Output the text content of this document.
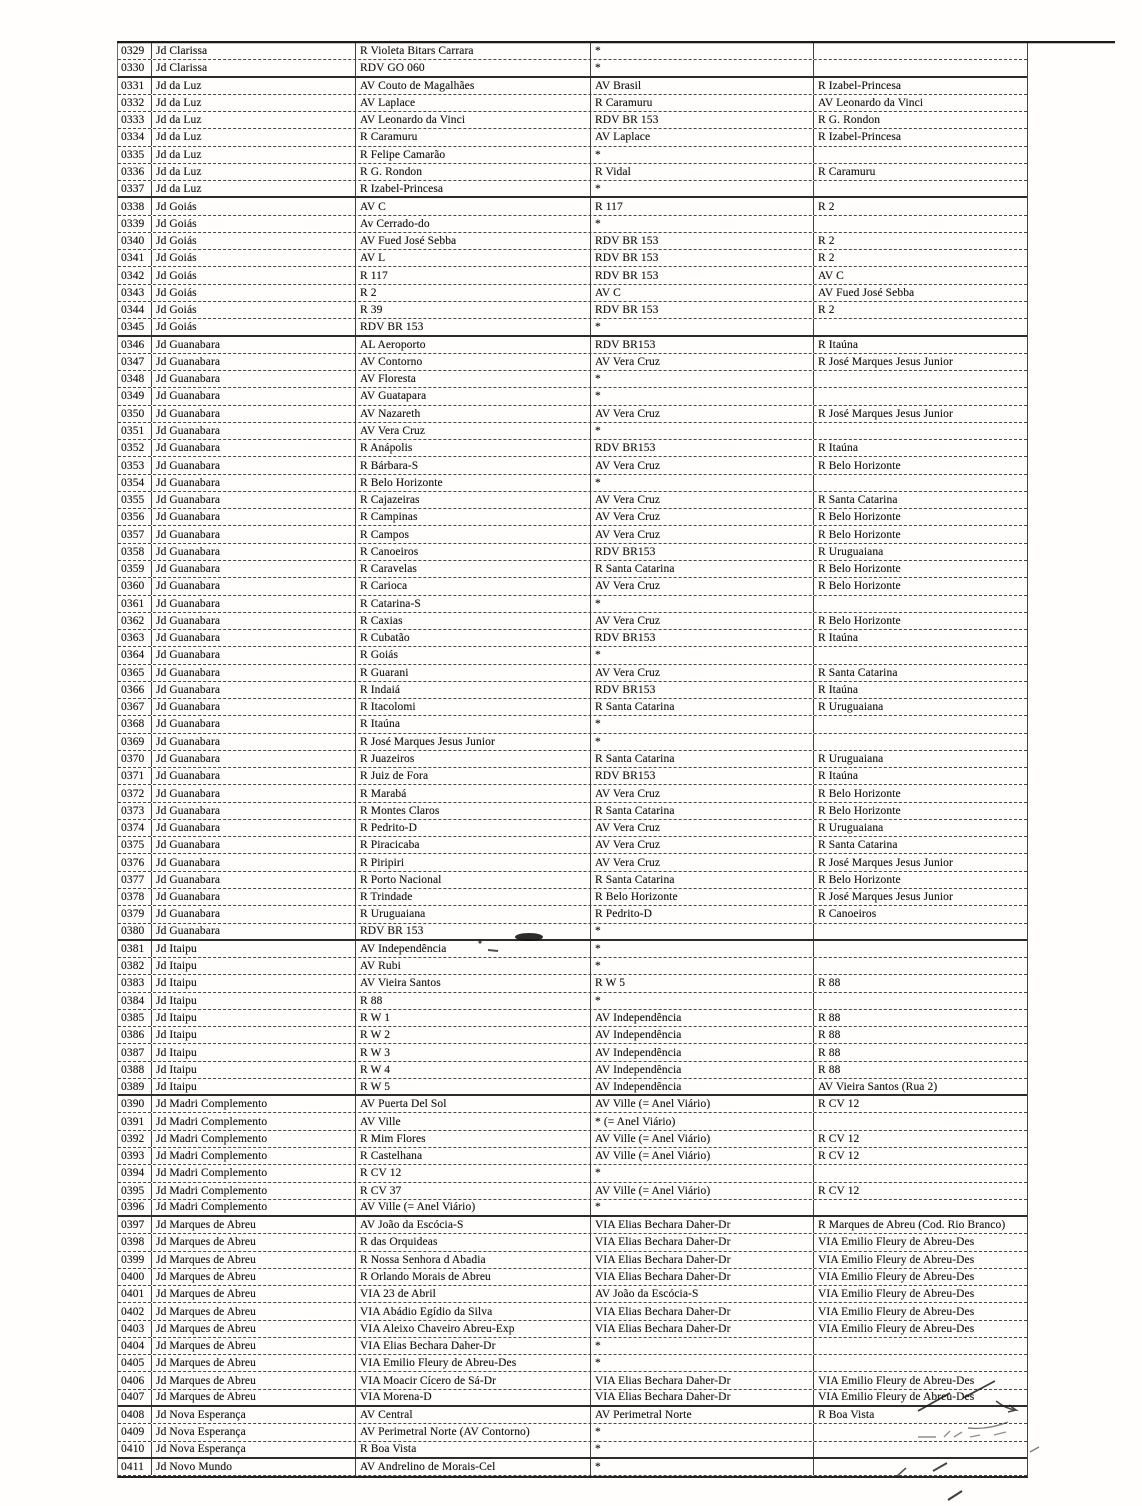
0329	Jd Clarissa	R Violeta Bitars Carrara	*
0330	Jd Clarissa	RDV GO 060	*
0331	Jd da Luz	AV Couto de Magalhães	AV Brasil	R Izabel-Princesa
0332	Jd da Luz	AV Laplace	R Caramuru	AV Leonardo da Vinci
0333	Jd da Luz	AV Leonardo da Vinci	RDV BR 153	R G. Rondon
0334	Jd da Luz	R Caramuru	AV Laplace	R Izabel-Princesa
0335	Jd da Luz	R Felipe Camarão	*
0336	Jd da Luz	R G. Rondon	R Vidal	R Caramuru
0337	Jd da Luz	R Izabel-Princesa	*
0338	Jd Goiás	AV C	R 117	R 2
0339	Jd Goiás	Av Cerrado-do	*
0340	Jd Goiás	AV Fued José Sebba	RDV BR 153	R 2
0341	Jd Goiás	AV L	RDV BR 153	R 2
0342	Jd Goiás	R 117	RDV BR 153	AV C
0343	Jd Goiás	R 2	AV C	AV Fued José Sebba
0344	Jd Goiás	R 39	RDV BR 153	R 2
0345	Jd Goiás	RDV BR 153	*
0346	Jd Guanabara	AL Aeroporto	RDV BR153	R Itaúna
0347	Jd Guanabara	AV Contorno	AV Vera Cruz	R José Marques Jesus Junior
0348	Jd Guanabara	AV Floresta	*
0349	Jd Guanabara	AV Guatapara	*
0350	Jd Guanabara	AV Nazareth	AV Vera Cruz	R José Marques Jesus Junior
0351	Jd Guanabara	AV Vera Cruz	*
0352	Jd Guanabara	R Anápolis	RDV BR153	R Itaúna
0353	Jd Guanabara	R Bárbara-S	AV Vera Cruz	R Belo Horizonte
0354	Jd Guanabara	R Belo Horizonte	*
0355	Jd Guanabara	R Cajazeiras	AV Vera Cruz	R Santa Catarina
0356	Jd Guanabara	R Campinas	AV Vera Cruz	R Belo Horizonte
0357	Jd Guanabara	R Campos	AV Vera Cruz	R Belo Horizonte
0358	Jd Guanabara	R Canoeiros	RDV BR153	R Uruguaiana
0359	Jd Guanabara	R Caravelas	R Santa Catarina	R Belo Horizonte
0360	Jd Guanabara	R Carioca	AV Vera Cruz	R Belo Horizonte
0361	Jd Guanabara	R Catarina-S	*
0362	Jd Guanabara	R Caxias	AV Vera Cruz	R Belo Horizonte
0363	Jd Guanabara	R Cubatão	RDV BR153	R Itaúna
0364	Jd Guanabara	R Goiás	*
0365	Jd Guanabara	R Guarani	AV Vera Cruz	R Santa Catarina
0366	Jd Guanabara	R Indaiá	RDV BR153	R Itaúna
0367	Jd Guanabara	R Itacolomi	R Santa Catarina	R Uruguaiana
0368	Jd Guanabara	R Itaúna	*
0369	Jd Guanabara	R José Marques Jesus Junior	*
0370	Jd Guanabara	R Juazeiros	R Santa Catarina	R Uruguaiana
0371	Jd Guanabara	R Juiz de Fora	RDV BR153	R Itaúna
0372	Jd Guanabara	R Marabá	AV Vera Cruz	R Belo Horizonte
0373	Jd Guanabara	R Montes Claros	R Santa Catarina	R Belo Horizonte
0374	Jd Guanabara	R Pedrito-D	AV Vera Cruz	R Uruguaiana
0375	Jd Guanabara	R Piracicaba	AV Vera Cruz	R Santa Catarina
0376	Jd Guanabara	R Piripiri	AV Vera Cruz	R José Marques Jesus Junior
0377	Jd Guanabara	R Porto Nacional	R Santa Catarina	R Belo Horizonte
0378	Jd Guanabara	R Trindade	R Belo Horizonte	R José Marques Jesus Junior
0379	Jd Guanabara	R Uruguaiana	R Pedrito-D	R Canoeiros
0380	Jd Guanabara	RDV BR 153	*
0381	Jd Itaipu	AV Independência	*
0382	Jd Itaipu	AV Rubi	*
0383	Jd Itaipu	AV Vieira Santos	R W 5	R 88
0384	Jd Itaipu	R 88	*
0385	Jd Itaipu	R W 1	AV Independência	R 88
0386	Jd Itaipu	R W 2	AV Independência	R 88
0387	Jd Itaipu	R W 3	AV Independência	R 88
0388	Jd Itaipu	R W 4	AV Independência	R 88
0389	Jd Itaipu	R W 5	AV Independência	AV Vieira Santos (Rua 2)
0390	Jd Madri Complemento	AV Puerta Del Sol	AV Ville (= Anel Viário)	R CV 12
0391	Jd Madri Complemento	AV Ville	* (= Anel Viário)
0392	Jd Madri Complemento	R Mim Flores	AV Ville (= Anel Viário)	R CV 12
0393	Jd Madri Complemento	R Castelhana	AV Ville (= Anel Viário)	R CV 12
0394	Jd Madri Complemento	R CV 12	*
0395	Jd Madri Complemento	R CV 37	AV Ville (= Anel Viário)	R CV 12
0396	Jd Madri Complemento	AV Ville (= Anel Viário)	*
0397	Jd Marques de Abreu	AV João da Escócia-S	VIA Elias Bechara Daher-Dr	R Marques de Abreu (Cod. Rio Branco)
0398	Jd Marques de Abreu	R das Orquideas	VIA Elias Bechara Daher-Dr	VIA Emilio Fleury de Abreu-Des
0399	Jd Marques de Abreu	R Nossa Senhora d Abadia	VIA Elias Bechara Daher-Dr	VIA Emilio Fleury de Abreu-Des
0400	Jd Marques de Abreu	R Orlando Morais de Abreu	VIA Elias Bechara Daher-Dr	VIA Emilio Fleury de Abreu-Des
0401	Jd Marques de Abreu	VIA 23 de Abril	AV João da Escócia-S	VIA Emilio Fleury de Abreu-Des
0402	Jd Marques de Abreu	VIA Abádio Egídio da Silva	VIA Elias Bechara Daher-Dr	VIA Emilio Fleury de Abreu-Des
0403	Jd Marques de Abreu	VIA Aleixo Chaveiro Abreu-Exp	VIA Elias Bechara Daher-Dr	VIA Emilio Fleury de Abreu-Des
0404	Jd Marques de Abreu	VIA Elias Bechara Daher-Dr	*
0405	Jd Marques de Abreu	VIA Emilio Fleury de Abreu-Des	*
0406	Jd Marques de Abreu	VIA Moacir Cícero de Sá-Dr	VIA Elias Bechara Daher-Dr	VIA Emilio Fleury de Abreu-Des
0407	Jd Marques de Abreu	VIA Morena-D	VIA Elias Bechara Daher-Dr	VIA Emilio Fleury de Abreu-Des
0408	Jd Nova Esperança	AV Central	AV Perimetral Norte	R Boa Vista
0409	Jd Nova Esperança	AV Perimetral Norte (AV Contorno)	*
0410	Jd Nova Esperança	R Boa Vista	*
0411	Jd Novo Mundo	AV Andrelino de Morais-Cel	*
